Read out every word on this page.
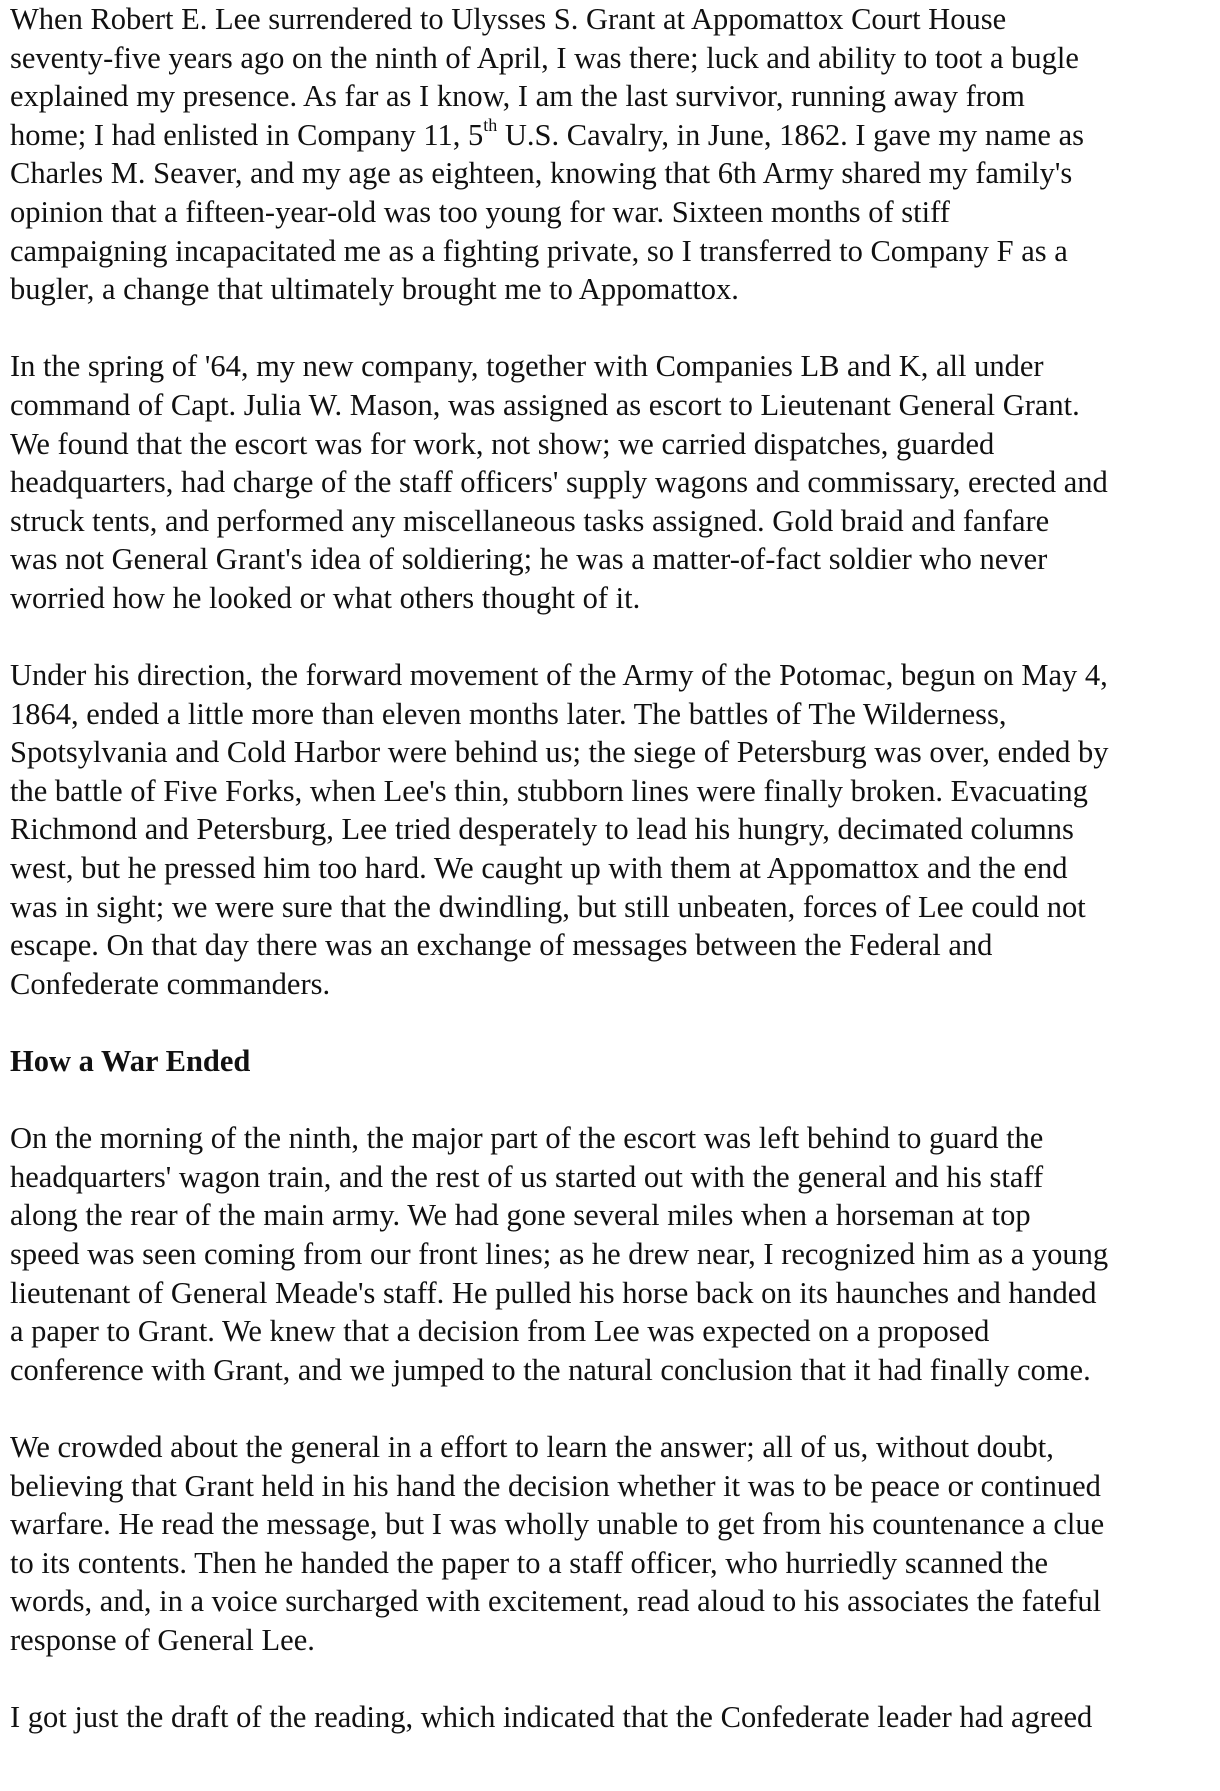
When Robert E. Lee surrendered to Ulysses S. Grant at Appomattox Court House
seventy-five years ago on the ninth of April, I was there; luck and ability to toot a bugle
explained my presence. As far as I know, I am the last survivor, running away from
home; I had enlisted in Company 11, 5th U.S. Cavalry, in June, 1862. I gave my name as
Charles M. Seaver, and my age as eighteen, knowing that 6th Army shared my family's
opinion that a fifteen-year-old was too young for war. Sixteen months of stiff
campaigning incapacitated me as a fighting private, so I transferred to Company F as a
bugler, a change that ultimately brought me to Appomattox.
In the spring of '64, my new company, together with Companies LB and K, all under
command of Capt. Julia W. Mason, was assigned as escort to Lieutenant General Grant.
We found that the escort was for work, not show; we carried dispatches, guarded
headquarters, had charge of the staff officers' supply wagons and commissary, erected and
struck tents, and performed any miscellaneous tasks assigned. Gold braid and fanfare
was not General Grant's idea of soldiering; he was a matter-of-fact soldier who never
worried how he looked or what others thought of it.
Under his direction, the forward movement of the Army of the Potomac, begun on May 4,
1864, ended a little more than eleven months later. The battles of The Wilderness,
Spotsylvania and Cold Harbor were behind us; the siege of Petersburg was over, ended by
the battle of Five Forks, when Lee's thin, stubborn lines were finally broken. Evacuating
Richmond and Petersburg, Lee tried desperately to lead his hungry, decimated columns
west, but he pressed him too hard. We caught up with them at Appomattox and the end
was in sight; we were sure that the dwindling, but still unbeaten, forces of Lee could not
escape. On that day there was an exchange of messages between the Federal and
Confederate commanders.
How a War Ended
On the morning of the ninth, the major part of the escort was left behind to guard the
headquarters' wagon train, and the rest of us started out with the general and his staff
along the rear of the main army. We had gone several miles when a horseman at top
speed was seen coming from our front lines; as he drew near, I recognized him as a young
lieutenant of General Meade's staff. He pulled his horse back on its haunches and handed
a paper to Grant. We knew that a decision from Lee was expected on a proposed
conference with Grant, and we jumped to the natural conclusion that it had finally come.
We crowded about the general in a effort to learn the answer; all of us, without doubt,
believing that Grant held in his hand the decision whether it was to be peace or continued
warfare. He read the message, but I was wholly unable to get from his countenance a clue
to its contents. Then he handed the paper to a staff officer, who hurriedly scanned the
words, and, in a voice surcharged with excitement, read aloud to his associates the fateful
response of General Lee.
I got just the draft of the reading, which indicated that the Confederate leader had agreed
